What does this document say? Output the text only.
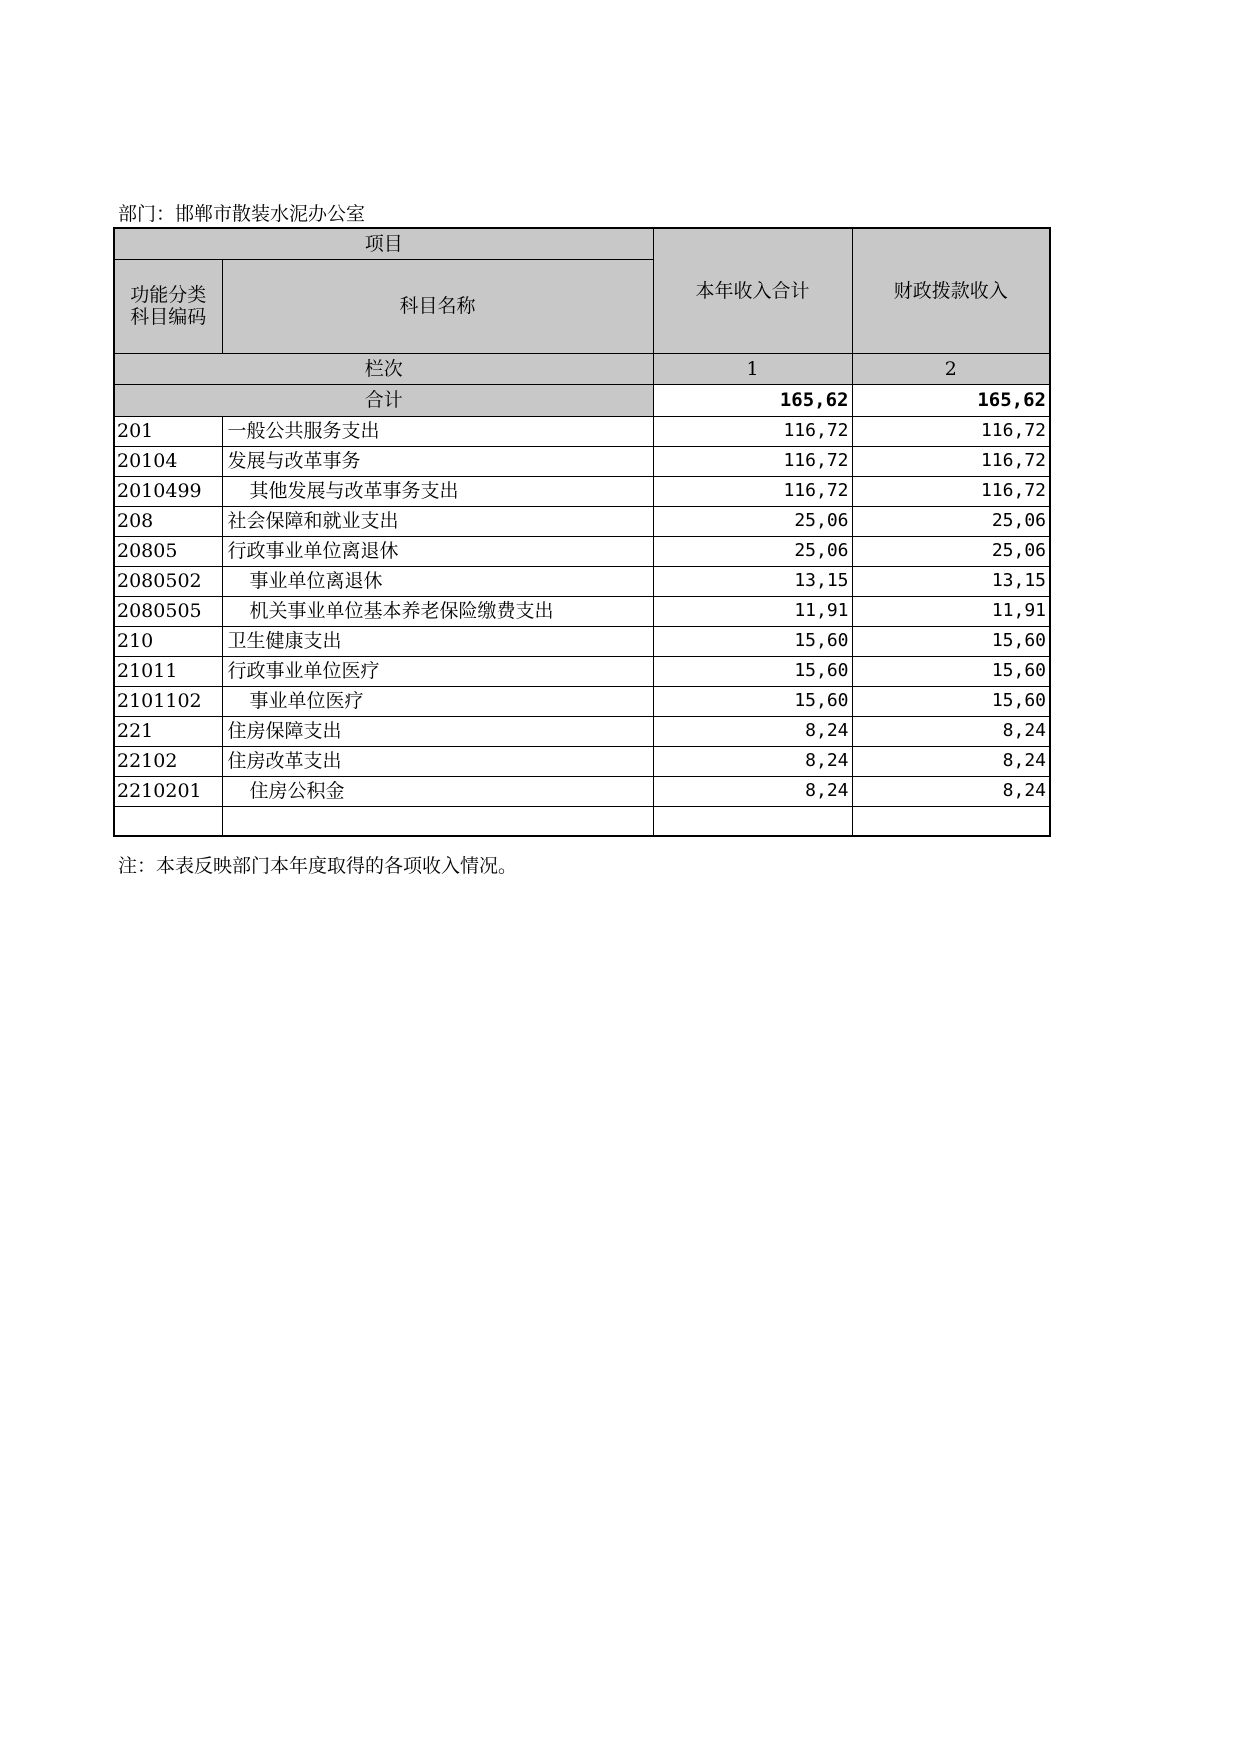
部门：邯郸市散装水泥办公室
项目		本年收入合计	财政拨款收入

功能分类
科目编码	科目名称		
栏次		1	2
合计		165,62	165,62
201	一般公共服务支出	116,72	116,72
20104	发展与改革事务	116,72	116,72
2010499	其他发展与改革事务支出	116,72	116,72
208	社会保障和就业支出	25,06	25,06
20805	行政事业单位离退休	25,06	25,06
2080502	事业单位离退休	13,15	13,15
2080505	机关事业单位基本养老保险缴费支出	11,91	11,91
210	卫生健康支出	15,60	15,60
21011	行政事业单位医疗	15,60	15,60
2101102	事业单位医疗	15,60	15,60
221	住房保障支出	8,24	8,24
22102	住房改革支出	8,24	8,24
2210201	住房公积金	8,24	8,24

注：本表反映部门本年度取得的各项收入情况。
